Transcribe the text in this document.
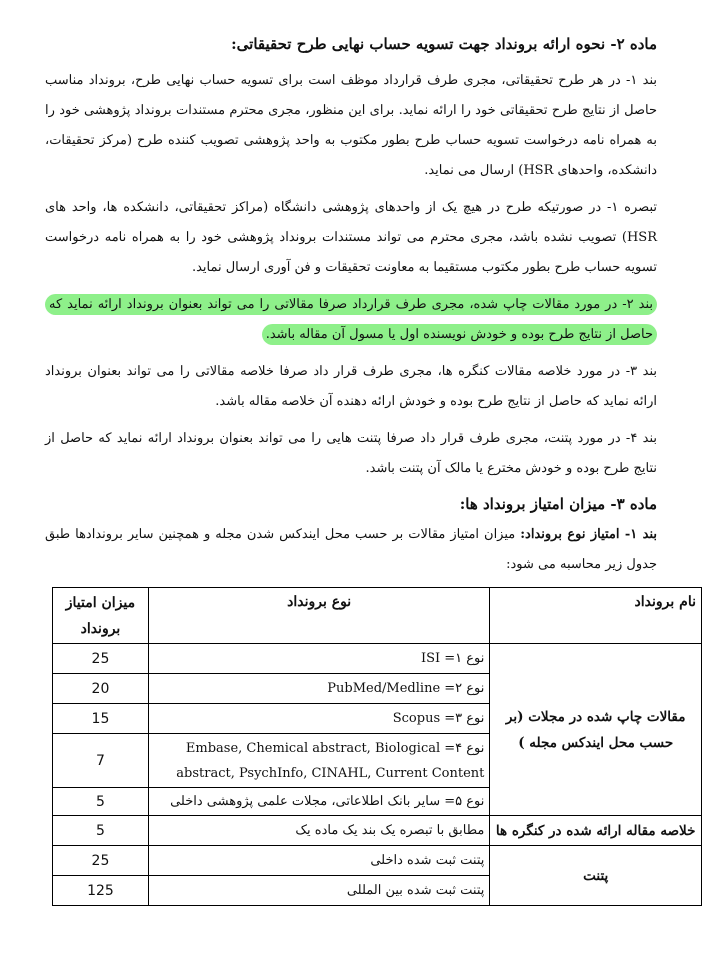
ماده ۲- نحوه ارائه برونداد جهت تسویه حساب نهایی طرح تحقیقاتی:

بند ۱- در هر طرح تحقیقاتی، مجری طرف قرارداد موظف است برای تسویه حساب نهایی طرح، برونداد مناسب حاصل از نتایج طرح تحقیقاتی خود را ارائه نماید. برای این منظور، مجری محترم مستندات برونداد پژوهشی خود را به همراه نامه درخواست تسویه حساب طرح بطور مکتوب به واحد پژوهشی تصویب کننده طرح (مرکز تحقیقات، دانشکده، واحدهای HSR) ارسال می نماید.

تبصره ۱- در صورتیکه طرح در هیچ یک از واحدهای پژوهشی دانشگاه (مراکز تحقیقاتی، دانشکده ها، واحد های HSR) تصویب نشده باشد، مجری محترم می تواند مستندات برونداد پژوهشی خود را به همراه نامه درخواست تسویه حساب طرح بطور مکتوب مستقیما به معاونت تحقیقات و فن آوری ارسال نماید.

بند ۲- در مورد مقالات چاپ شده، مجری طرف قرارداد صرفا مقالاتی را می تواند بعنوان برونداد ارائه نماید که حاصل از نتایج طرح بوده و خودش نویسنده اول یا مسول آن مقاله باشد.

بند ۳- در مورد خلاصه مقالات کنگره ها، مجری طرف قرار داد صرفا خلاصه مقالاتی را می تواند بعنوان برونداد ارائه نماید که حاصل از نتایج طرح بوده و خودش ارائه دهنده آن خلاصه مقاله باشد.

بند ۴- در مورد پتنت، مجری طرف قرار داد صرفا پتنت هایی را می تواند بعنوان برونداد ارائه نماید که حاصل از نتایج طرح بوده و خودش مخترع یا مالک آن پتنت باشد.

ماده ۳- میزان امتیاز برونداد ها:

بند ۱- امتیاز نوع برونداد: میزان امتیاز مقالات بر حسب محل ایندکس شدن مجله و همچنین سایر بروندادها طبق جدول زیر محاسبه می شود:

نام برونداد	نوع برونداد	میزان امتیاز برونداد
مقالات چاپ شده در مجلات (بر حسب محل ایندکس مجله )	نوع ۱= ISI	25
	نوع ۲= PubMed/Medline	20
	نوع ۳= Scopus	15
	نوع ۴= Embase, Chemical abstract, Biological abstract, PsychInfo, CINAHL, Current Content	7
	نوع ۵= سایر بانک اطلاعاتی، مجلات علمی پژوهشی داخلی	5
خلاصه مقاله ارائه شده در کنگره ها	مطابق با تبصره یک بند یک ماده یک	5
پتنت	پتنت ثبت شده داخلی	25
	پتنت ثبت شده بین المللی	125
